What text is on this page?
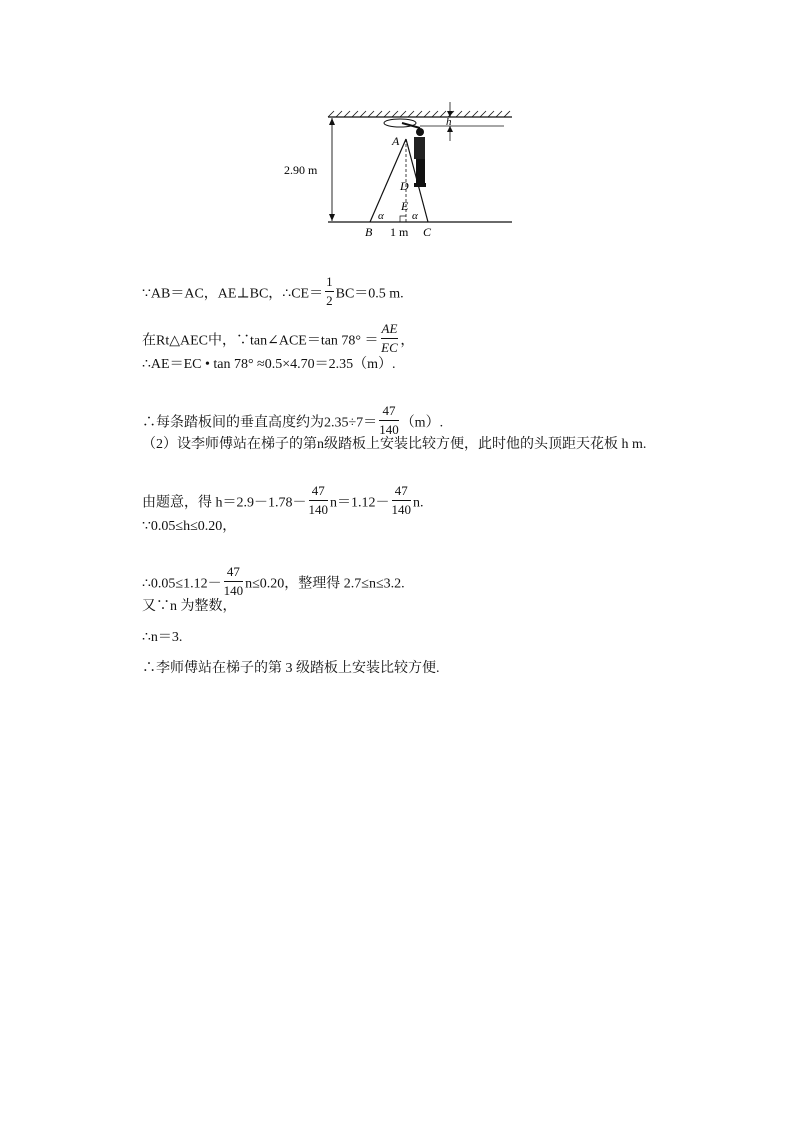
2.90 m
h
A
D
E
α	α
B 1 m C
∵AB＝AC，AE⊥BC，∴CE＝ $\frac{1}{2} BC=0.5$ m.
在Rt△AEC中，∵tan∠ACE＝tan $78^\circ = \frac{AE}{EC}$ ，
∴AE＝EC • tan 78° ≈0.5×4.70＝2.35（m）.
∴每条踏板间的垂直高度约为$2.35\div 7= \frac{47}{140} (m)$.
（2）设李师傅站在梯子的第n级踏板上安装比较方便，此时他的头顶距天花板 h m.
由题意，得 $h=2.9-1.78- \frac{47}{140} n=1.12- \frac{47}{140} n$.
∵0.05≤h≤0.20，
∴0.05≤1.12－ $\frac{47}{140} n\le 0.20$，整理得 2.7≤n≤3.2.
又∵n 为整数，
∴n＝3.
∴李师傅站在梯子的第 3 级踏板上安装比较方便.
